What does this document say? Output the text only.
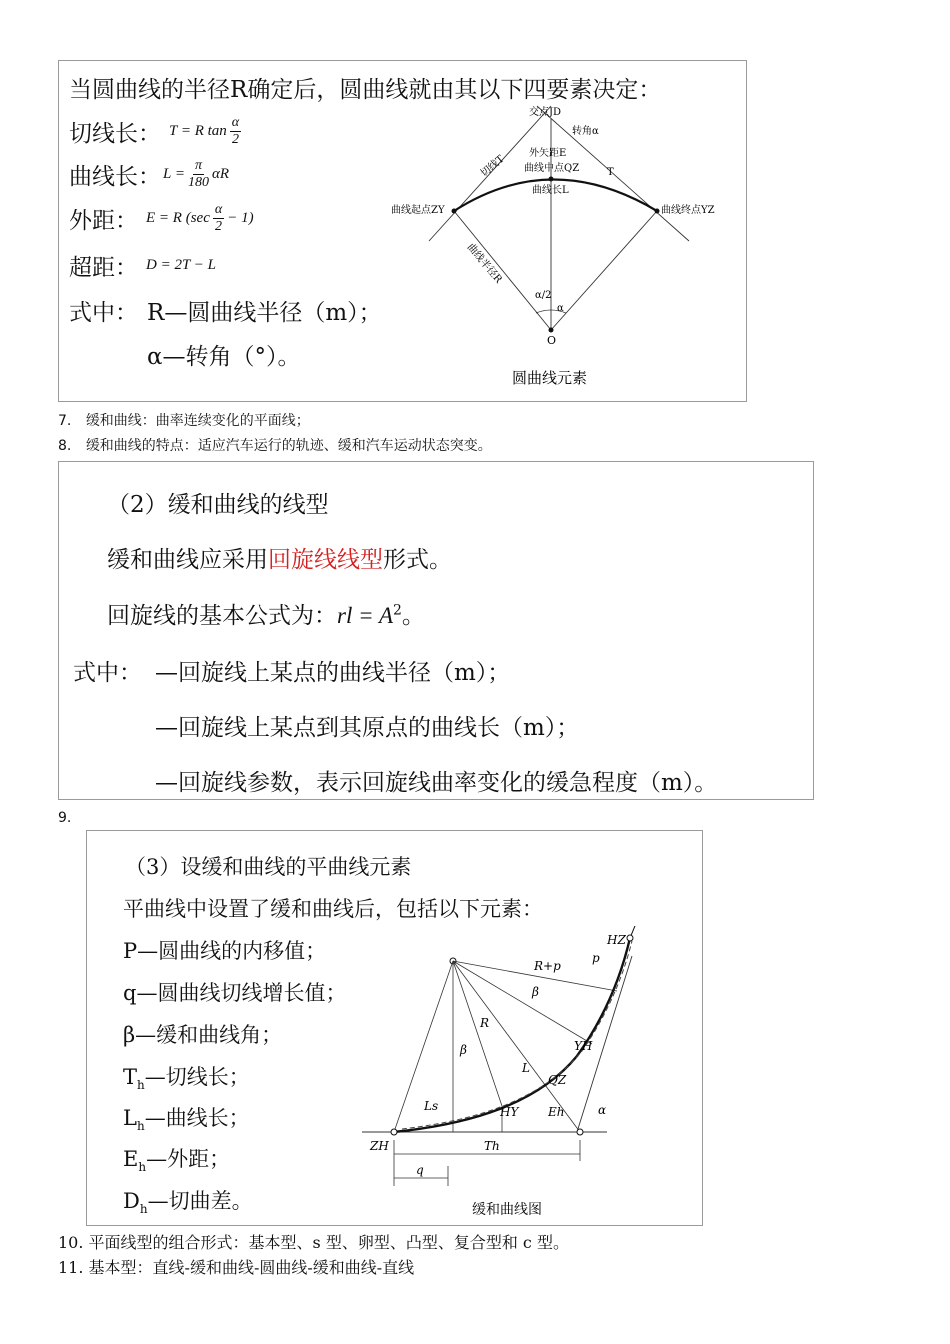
当圆曲线的半径R确定后，圆曲线就由其以下四要素决定：
切线长： T = R $\tan \frac{\alpha}{2}$
曲线长： $L = \frac{\pi}{180}$ αR
外距： E = R $(\sec \frac{\alpha}{2} - 1)$
超距： D = 2T − L
式中： R—圆曲线半径（m）；
α—转角（°）。
交点JD
转角α
外矢距E
切线T 曲线中点QZ	T
曲线长L
曲线起点ZY	曲线终点YZ
曲线半径R
α/2
α
O
圆曲线元素
7. 缓和曲线：曲率连续变化的平面线；
8. 缓和曲线的特点：适应汽车运行的轨迹、缓和汽车运动状态突变。
（2）缓和曲线的线型
缓和曲线应采用回旋线线型形式。
回旋线的基本公式为：rl = $A^2$。
式中： —回旋线上某点的曲线半径（m）；
—回旋线上某点到其原点的曲线长（m）；
—回旋线参数，表示回旋线曲率变化的缓急程度（m）。
9.
（3）设缓和曲线的平曲线元素
平曲线中设置了缓和曲线后，包括以下元素：
P—圆曲线的内移值；
q—圆曲线切线增长值；
β—缓和曲线角；
$T_h—$切线长；
$L_h—$曲线长；
$E_h—$外距；
$D_h—$切曲差。
HZ
R+p
p
β
R
β	YH
L
QZ
Ls	HY Eh	α
ZH	Th
q
缓和曲线图
10. 平面线型的组合形式：基本型、s 型、卵型、凸型、复合型和 c 型。
11. 基本型：直线-缓和曲线-圆曲线-缓和曲线-直线
